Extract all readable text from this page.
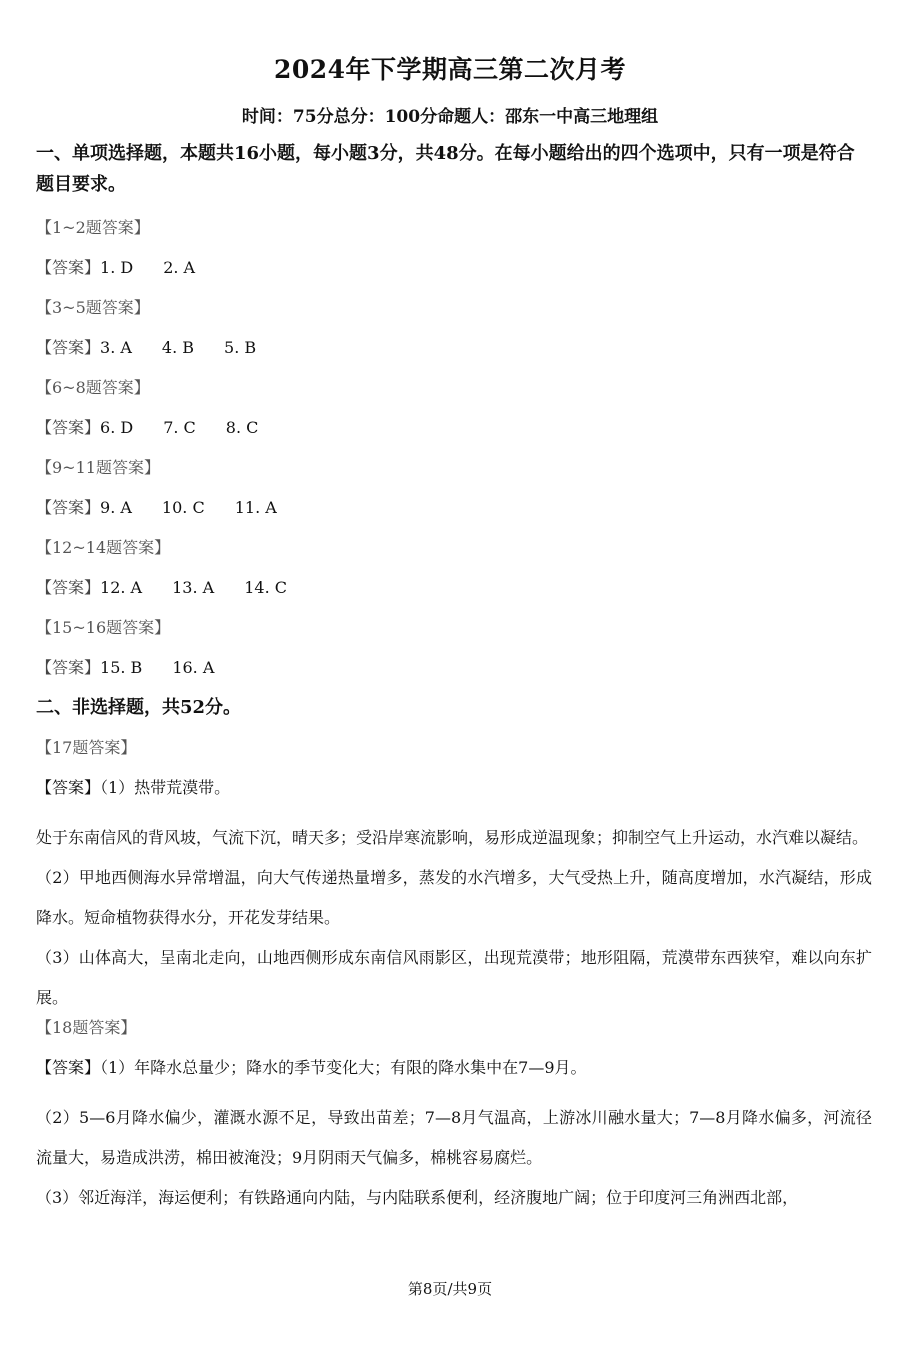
2024年下学期高三第二次月考
时间：75分总分：100分命题人：邵东一中高三地理组

一、单项选择题，本题共16小题，每小题3分，共48分。在每小题给出的四个选项中，只有一项是符合题目要求。

【1~2题答案】

【答案】1. D 2. A

【3~5题答案】

【答案】3. A 4. B 5. B

【6~8题答案】

【答案】6. D 7. C 8. C

【9~11题答案】

【答案】9. A 10. C 11. A

【12~14题答案】

【答案】12. A 13. A 14. C

【15~16题答案】

【答案】15. B 16. A

二、非选择题，共52分。

【17题答案】

【答案】（1）热带荒漠带。

处于东南信风的背风坡，气流下沉，晴天多；受沿岸寒流影响，易形成逆温现象；抑制空气上升运动，水汽难以凝结。

（2）甲地西侧海水异常增温，向大气传递热量增多，蒸发的水汽增多，大气受热上升，随高度增加，水汽凝结，形成降水。短命植物获得水分，开花发芽结果。

（3）山体高大，呈南北走向，山地西侧形成东南信风雨影区，出现荒漠带；地形阻隔，荒漠带东西狭窄，难以向东扩展。

【18题答案】

【答案】（1）年降水总量少；降水的季节变化大；有限的降水集中在7—9月。

（2）5—6月降水偏少，灌溉水源不足，导致出苗差；7—8月气温高，上游冰川融水量大；7—8月降水偏多，河流径流量大，易造成洪涝，棉田被淹没；9月阴雨天气偏多，棉桃容易腐烂。

（3）邻近海洋，海运便利；有铁路通向内陆，与内陆联系便利，经济腹地广阔；位于印度河三角洲西北部，

第8页/共9页
